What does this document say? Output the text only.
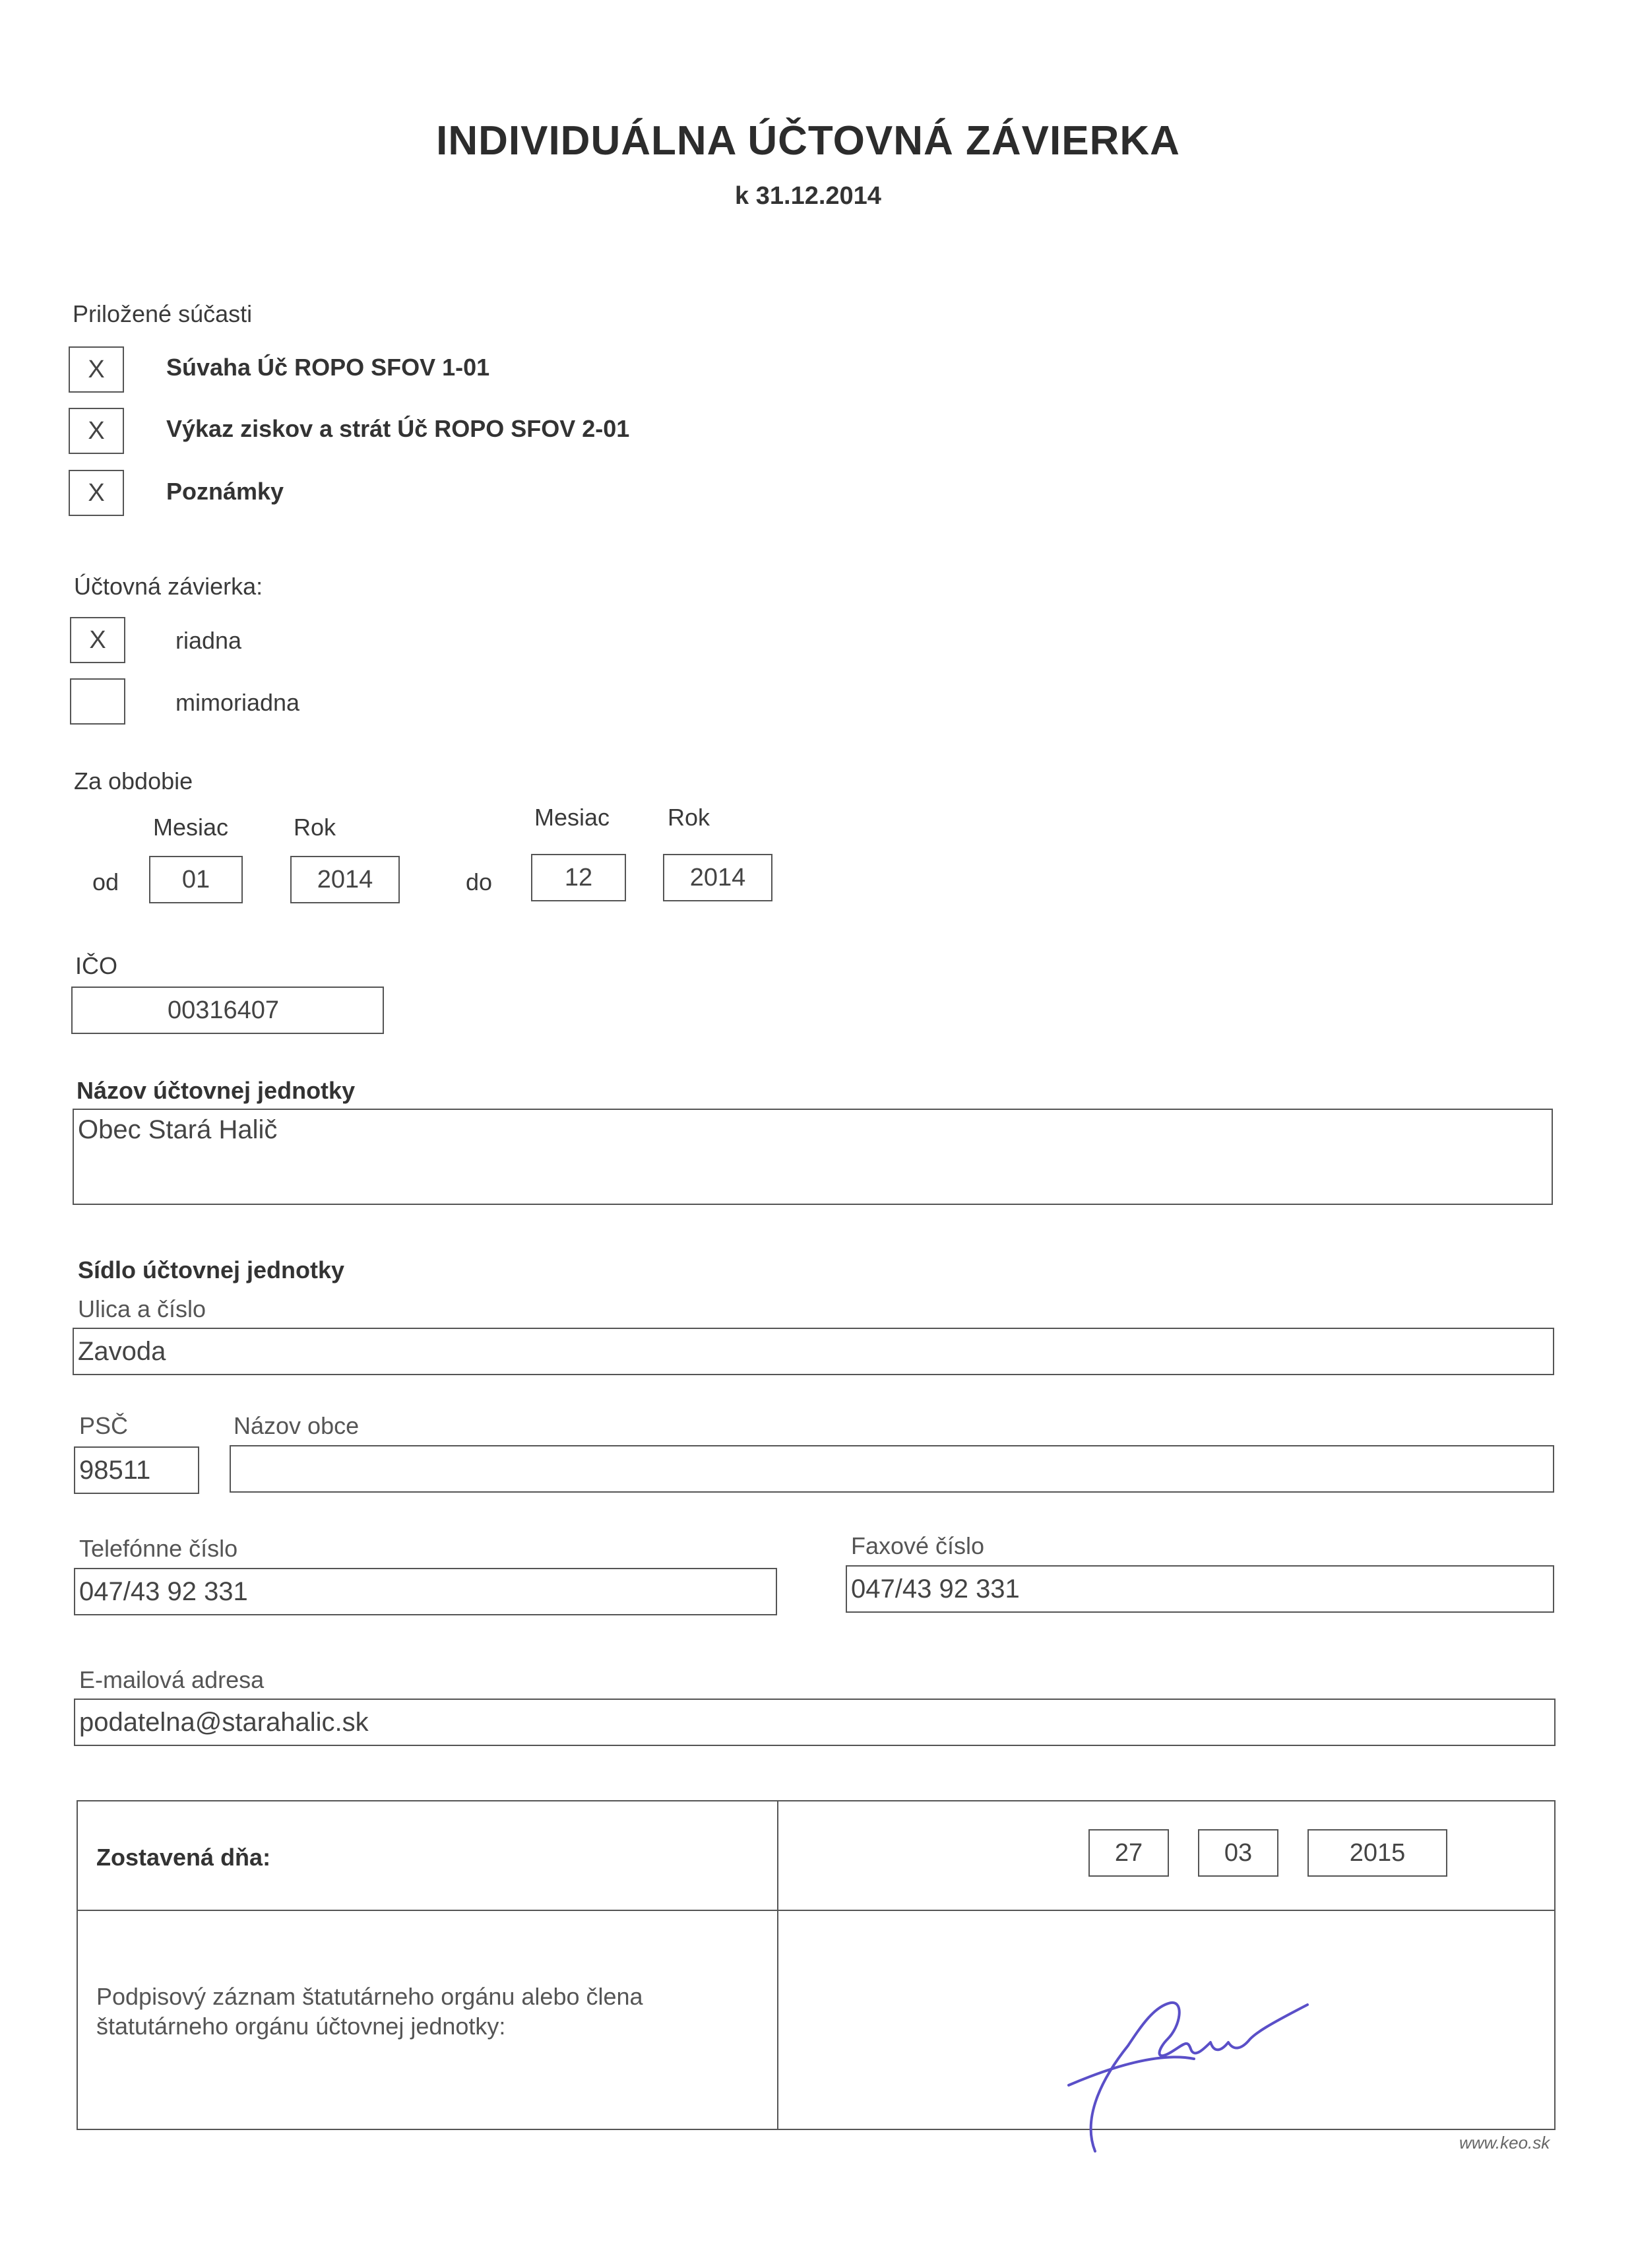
INDIVIDUÁLNA ÚČTOVNÁ ZÁVIERKA
k 31.12.2014
Priložené súčasti
X	Súvaha Úč ROPO SFOV 1-01
X	Výkaz ziskov a strát Úč ROPO SFOV 2-01
X	Poznámky
Účtovná závierka:
X	riadna
mimoriadna
Za obdobie
Mesiac	Rok	Mesiac Rok
od	01	2014	do	12	2014
IČO
00316407
Názov účtovnej jednotky
Obec Stará Halič
Sídlo účtovnej jednotky
Ulica a číslo
Zavoda
PSČ	Názov obce
98511
Telefónne číslo
047/43 92 331
Faxové číslo
047/43 92 331
E-mailová adresa
podatelna@starahalic.sk
Zostavená dňa:	27	03	2015
Podpisový záznam štatutárneho orgánu alebo člena
štatutárneho orgánu účtovnej jednotky:
www.keo.sk
